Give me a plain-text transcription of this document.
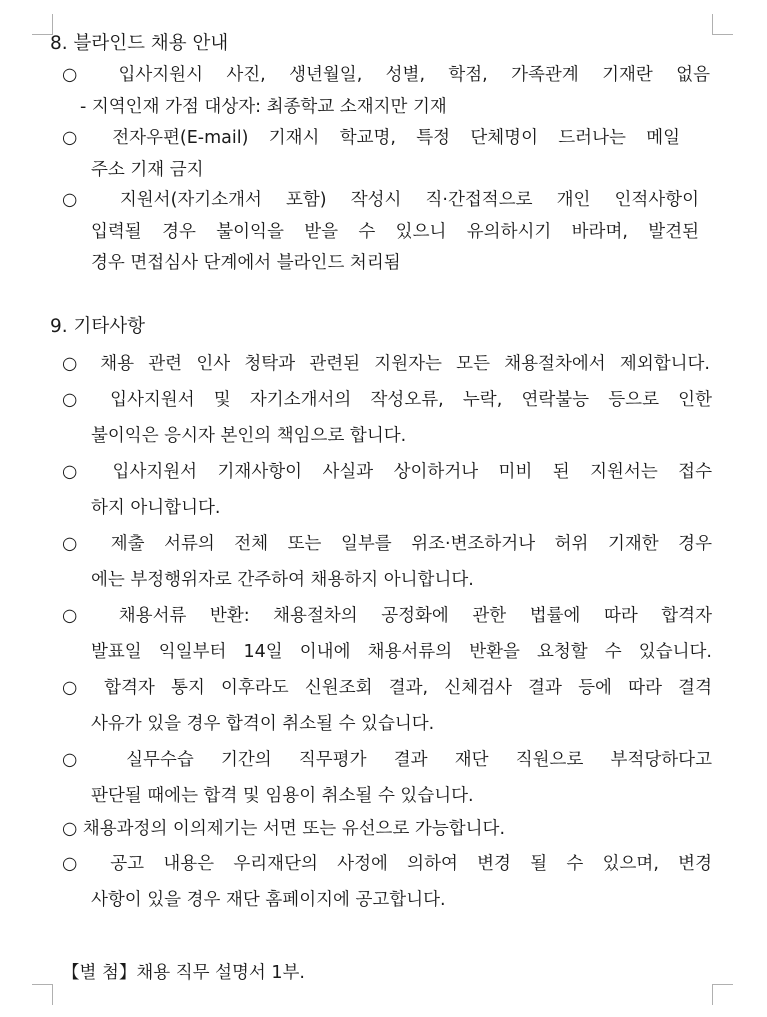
8. 블라인드 채용 안내
○ 입사지원시 사진, 생년월일, 성별, 학점, 가족관계 기재란 없음
- 지역인재 가점 대상자: 최종학교 소재지만 기재
○ 전자우편(E-mail) 기재시 학교명, 특정 단체명이 드러나는 메일
주소 기재 금지
○ 지원서(자기소개서 포함) 작성시 직·간접적으로 개인 인적사항이
입력될 경우 불이익을 받을 수 있으니 유의하시기 바라며, 발견된
경우 면접심사 단계에서 블라인드 처리됨
9. 기타사항
○ 채용 관련 인사 청탁과 관련된 지원자는 모든 채용절차에서 제외합니다.
○ 입사지원서 및 자기소개서의 작성오류, 누락, 연락불능 등으로 인한
불이익은 응시자 본인의 책임으로 합니다.
○ 입사지원서 기재사항이 사실과 상이하거나 미비 된 지원서는 접수
하지 아니합니다.
○ 제출 서류의 전체 또는 일부를 위조·변조하거나 허위 기재한 경우
에는 부정행위자로 간주하여 채용하지 아니합니다.
○ 채용서류 반환: 채용절차의 공정화에 관한 법률에 따라 합격자
발표일 익일부터 14일 이내에 채용서류의 반환을 요청할 수 있습니다.
○ 합격자 통지 이후라도 신원조회 결과, 신체검사 결과 등에 따라 결격
사유가 있을 경우 합격이 취소될 수 있습니다.
○ 실무수습 기간의 직무평가 결과 재단 직원으로 부적당하다고
판단될 때에는 합격 및 임용이 취소될 수 있습니다.
○ 채용과정의 이의제기는 서면 또는 유선으로 가능합니다.
○ 공고 내용은 우리재단의 사정에 의하여 변경 될 수 있으며, 변경
사항이 있을 경우 재단 홈페이지에 공고합니다.
【별 첨】채용 직무 설명서 1부.
